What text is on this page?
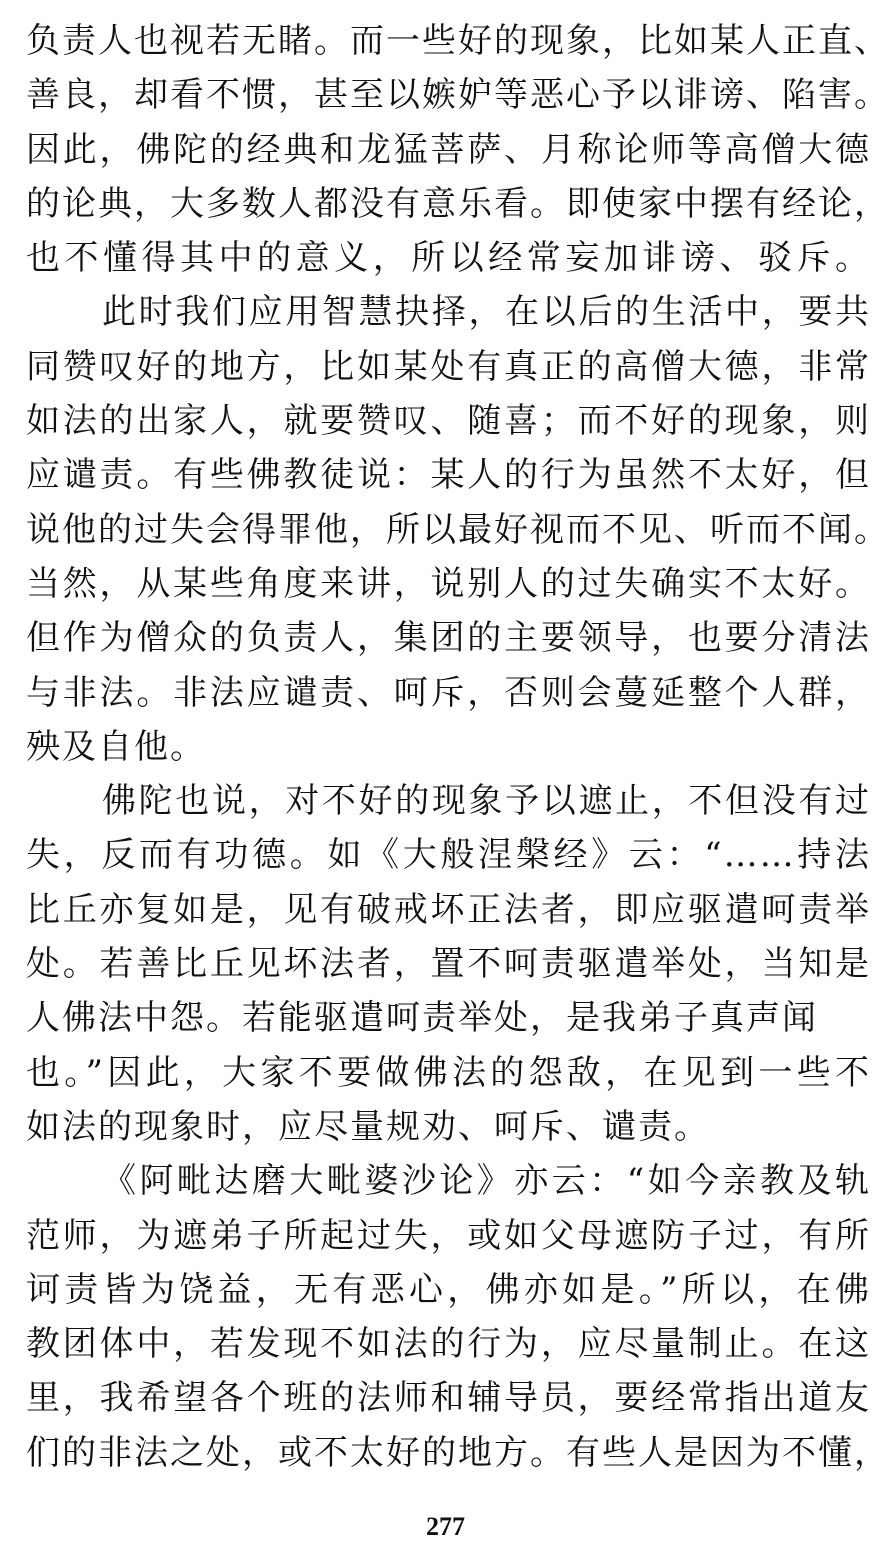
负责人也视若无睹。而一些好的现象，比如某人正直、
善良，却看不惯，甚至以嫉妒等恶心予以诽谤、陷害。
因此，佛陀的经典和龙猛菩萨、月称论师等高僧大德
的论典，大多数人都没有意乐看。即使家中摆有经论，
也不懂得其中的意义，所以经常妄加诽谤、驳斥。
此时我们应用智慧抉择，在以后的生活中，要共
同赞叹好的地方，比如某处有真正的高僧大德，非常
如法的出家人，就要赞叹、随喜；而不好的现象，则
应谴责。有些佛教徒说：某人的行为虽然不太好，但
说他的过失会得罪他，所以最好视而不见、听而不闻。
当然，从某些角度来讲，说别人的过失确实不太好。
但作为僧众的负责人，集团的主要领导，也要分清法
与非法。非法应谴责、呵斥，否则会蔓延整个人群，
殃及自他。
佛陀也说，对不好的现象予以遮止，不但没有过
失，反而有功德。如《大般涅槃经》云：“……持法
比丘亦复如是，见有破戒坏正法者，即应驱遣呵责举
处。若善比丘见坏法者，置不呵责驱遣举处，当知是
人佛法中怨。若能驱遣呵责举处，是我弟子真声闻
也。”因此，大家不要做佛法的怨敌，在见到一些不
如法的现象时，应尽量规劝、呵斥、谴责。
《阿毗达磨大毗婆沙论》亦云：“如今亲教及轨
范师，为遮弟子所起过失，或如父母遮防子过，有所
诃责皆为饶益，无有恶心，佛亦如是。”所以，在佛
教团体中，若发现不如法的行为，应尽量制止。在这
里，我希望各个班的法师和辅导员，要经常指出道友
们的非法之处，或不太好的地方。有些人是因为不懂，
277
